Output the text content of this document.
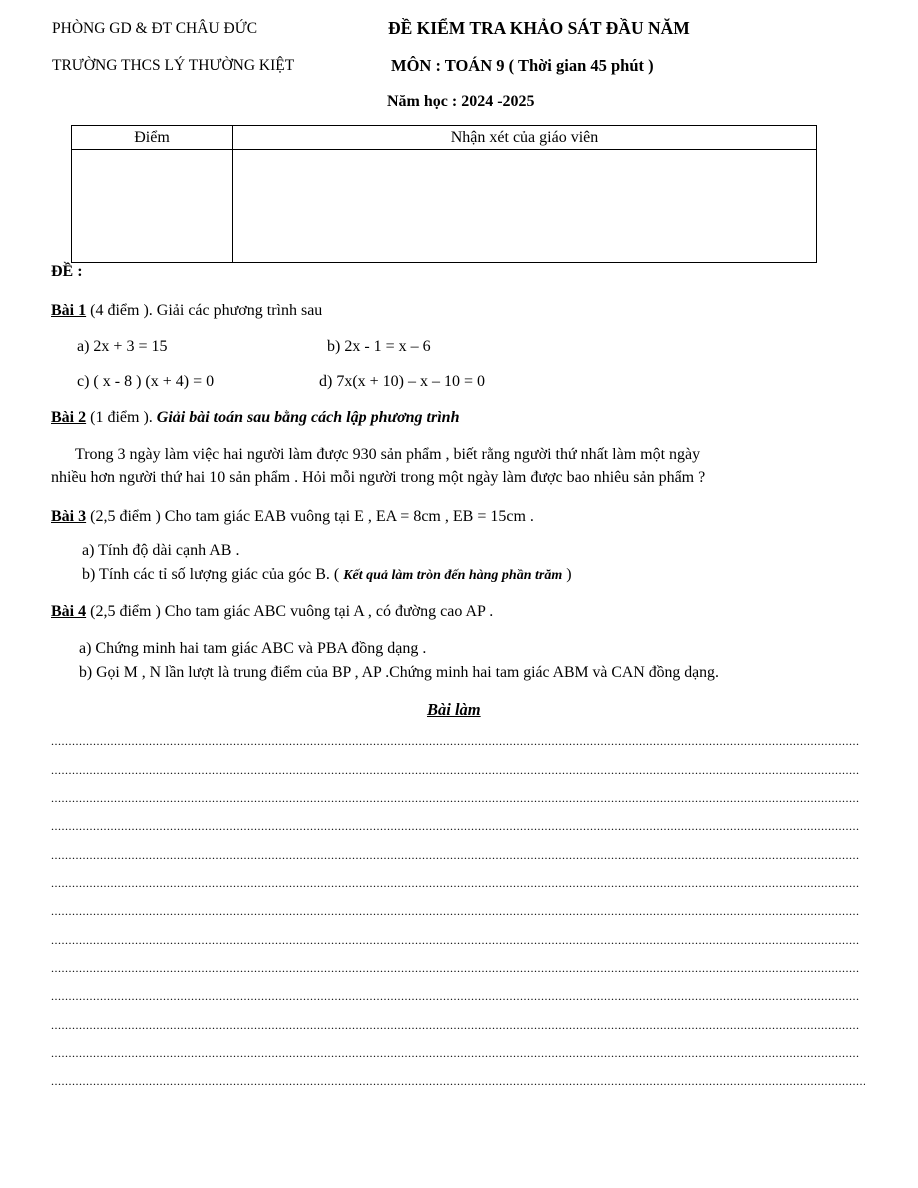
PHÒNG GD & ĐT CHÂU ĐỨC
TRƯỜNG THCS LÝ THƯỜNG KIỆT
ĐỀ KIỂM TRA KHẢO SÁT ĐẦU NĂM
MÔN : TOÁN 9 ( Thời gian 45 phút )
Năm học : 2024 -2025
Điểm	Nhận xét của giáo viên

ĐỀ :
Bài 1 (4 điểm ). Giải các phương trình sau
a) 2x + 3 = 15	b) 2x - 1 = x – 6
c) ( x - 8 ) (x + 4) = 0	d) 7x(x + 10) – x – 10 = 0
Bài 2 (1 điểm ). Giải bài toán sau bằng cách lập phương trình
Trong 3 ngày làm việc hai người làm được 930 sản phẩm , biết rằng người thứ nhất làm một ngày
nhiều hơn người thứ hai 10 sản phẩm . Hỏi mỗi người trong một ngày làm được bao nhiêu sản phẩm ?
Bài 3 (2,5 điểm ) Cho tam giác EAB vuông tại E , EA = 8cm , EB = 15cm .
a) Tính độ dài cạnh AB .
b) Tính các tỉ số lượng giác của góc B. ( Kết quả làm tròn đến hàng phần trăm )
Bài 4 (2,5 điểm ) Cho tam giác ABC vuông tại A , có đường cao AP .
a) Chứng minh hai tam giác ABC và PBA đồng dạng .
b) Gọi M , N lần lượt là trung điểm của BP , AP .Chứng minh hai tam giác ABM và CAN đồng dạng.
Bài làm
.....
.....
.....
.....
.....
.....
.....
.....
.....
.....
.....
.....
.....
